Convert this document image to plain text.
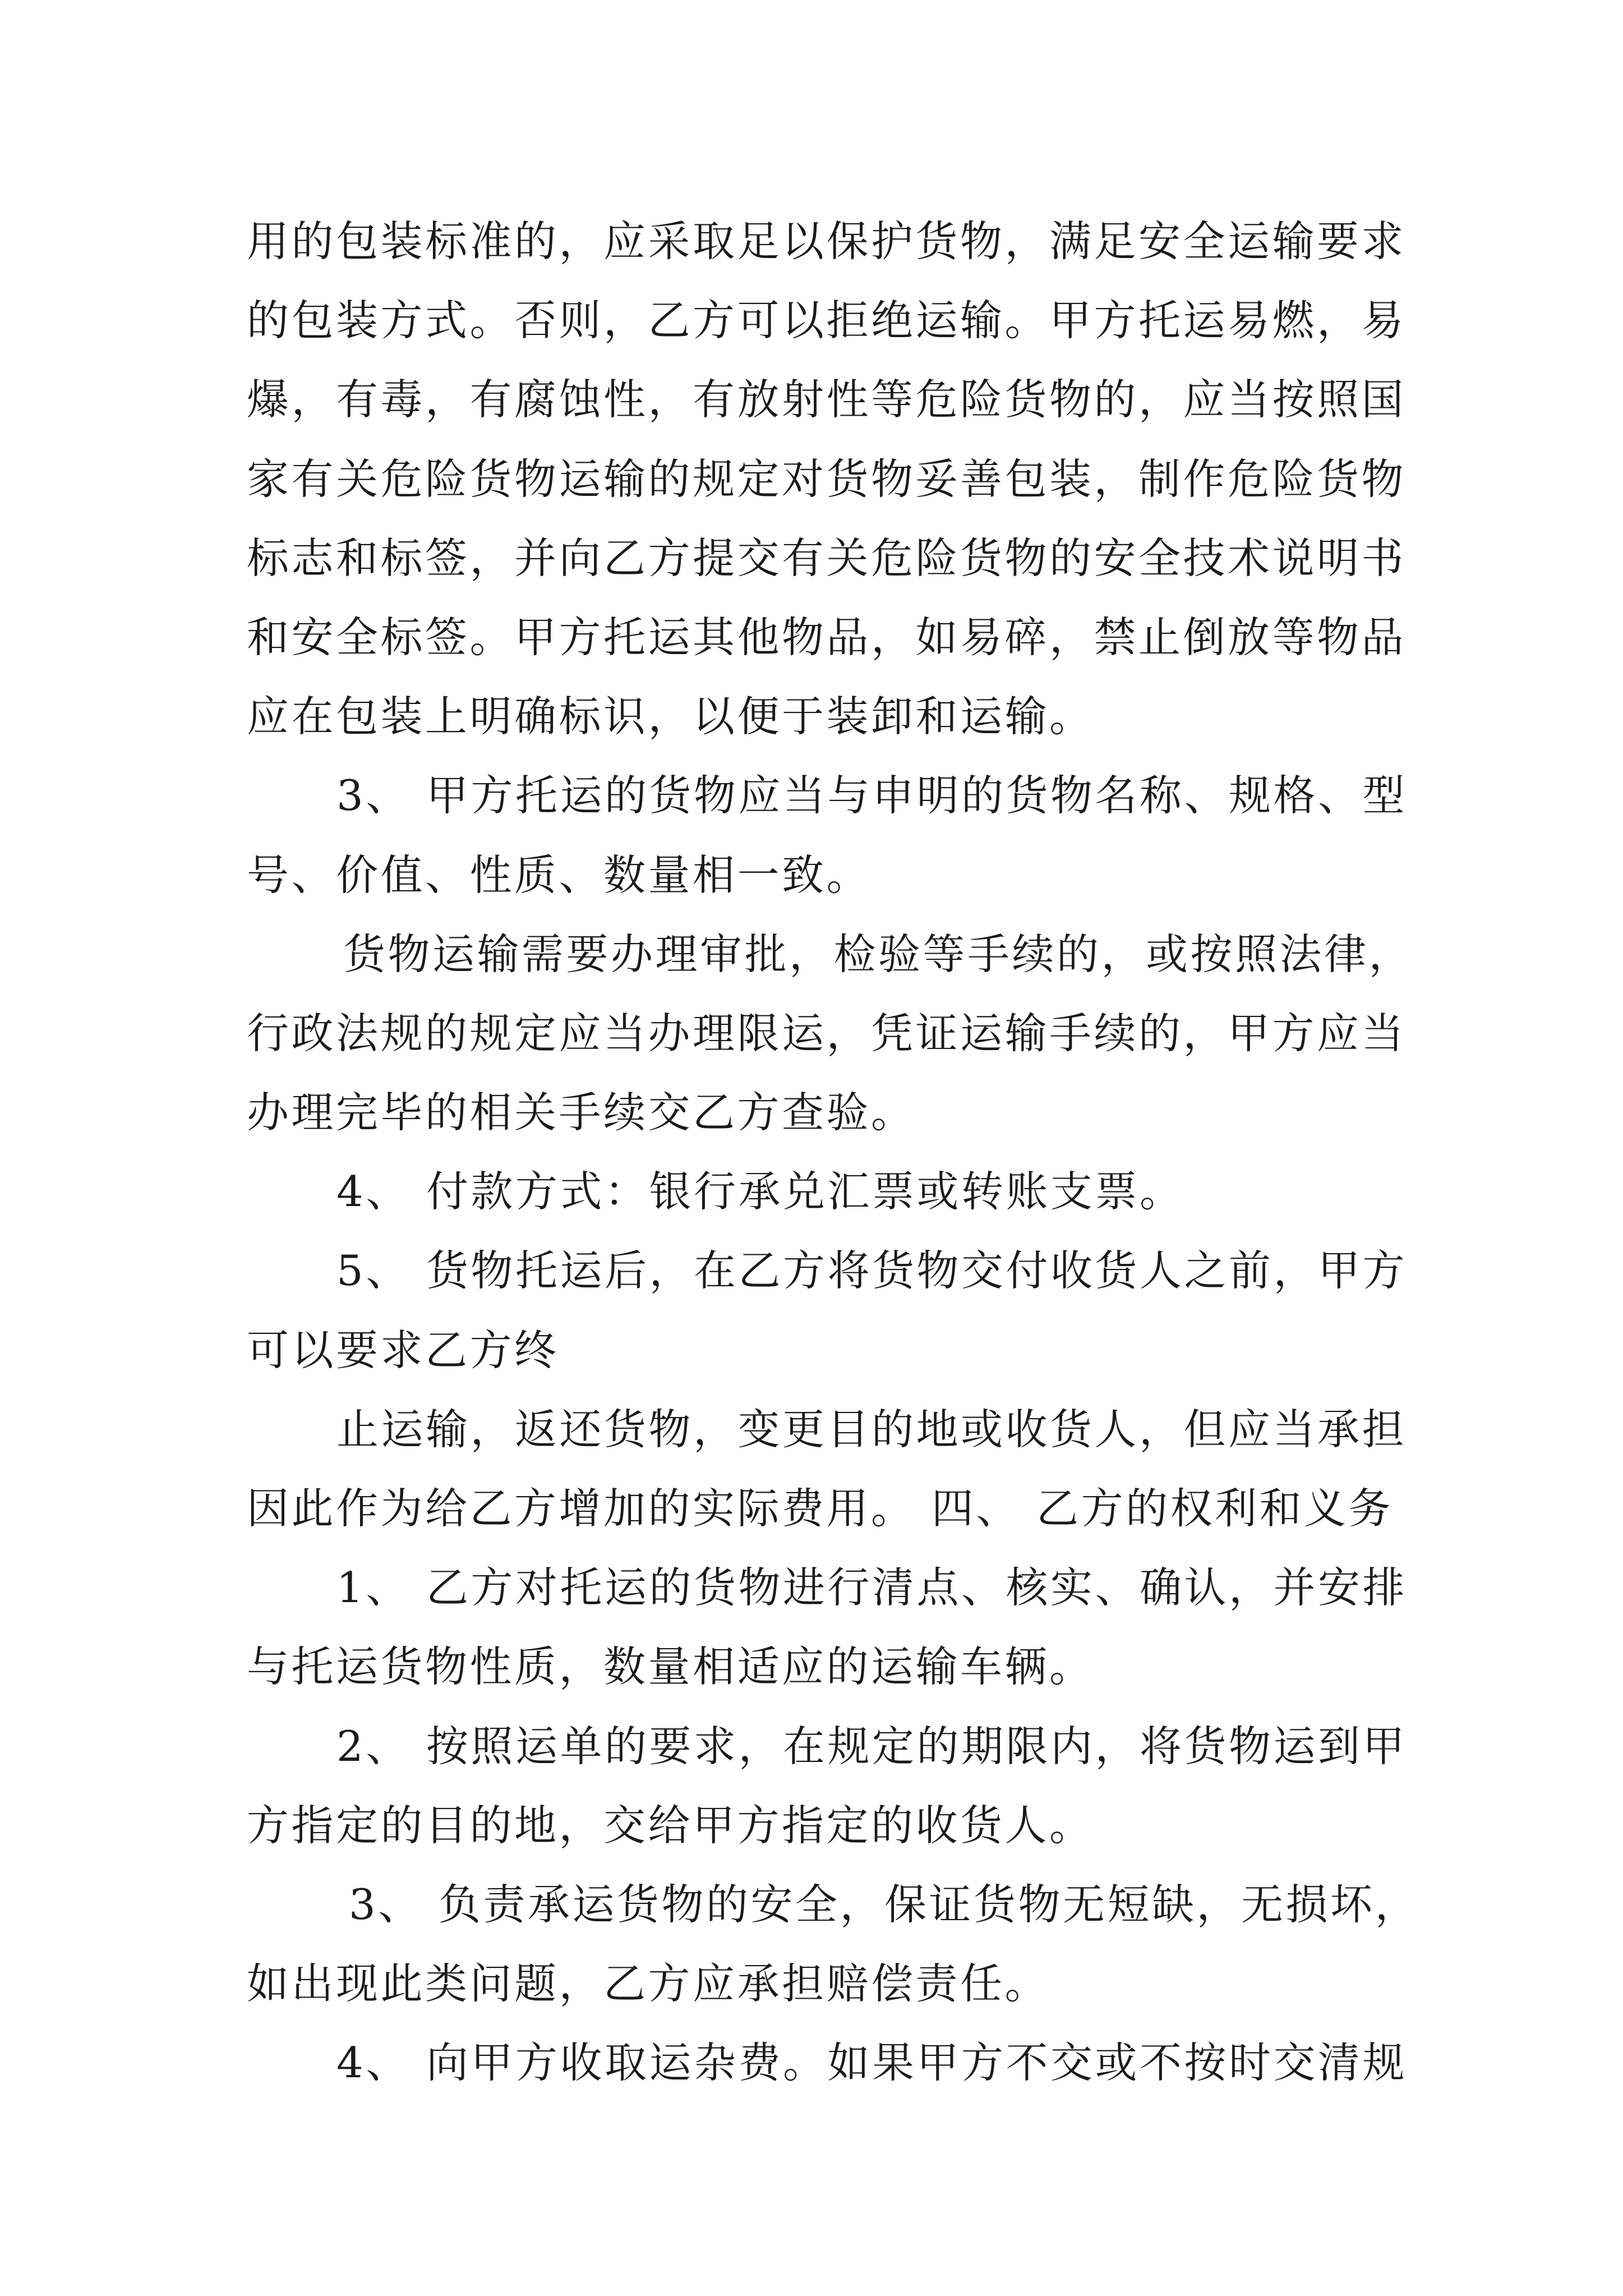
用的包装标准的，应采取足以保护货物，满足安全运输要求
的包装方式。否则，乙方可以拒绝运输。甲方托运易燃，易
爆，有毒，有腐蚀性，有放射性等危险货物的，应当按照国
家有关危险货物运输的规定对货物妥善包装，制作危险货物
标志和标签，并向乙方提交有关危险货物的安全技术说明书
和安全标签。甲方托运其他物品，如易碎，禁止倒放等物品
应在包装上明确标识，以便于装卸和运输。
3、 甲方托运的货物应当与申明的货物名称、规格、型
号、价值、性质、数量相一致。
货物运输需要办理审批，检验等手续的，或按照法律，
行政法规的规定应当办理限运，凭证运输手续的，甲方应当
办理完毕的相关手续交乙方查验。
4、 付款方式：银行承兑汇票或转账支票。
5、 货物托运后，在乙方将货物交付收货人之前，甲方
可以要求乙方终
止运输，返还货物，变更目的地或收货人，但应当承担
因此作为给乙方增加的实际费用。 四、 乙方的权利和义务
1、 乙方对托运的货物进行清点、核实、确认，并安排
与托运货物性质，数量相适应的运输车辆。
2、 按照运单的要求，在规定的期限内，将货物运到甲
方指定的目的地，交给甲方指定的收货人。
3、 负责承运货物的安全，保证货物无短缺，无损坏，
如出现此类问题，乙方应承担赔偿责任。
4、 向甲方收取运杂费。如果甲方不交或不按时交清规
